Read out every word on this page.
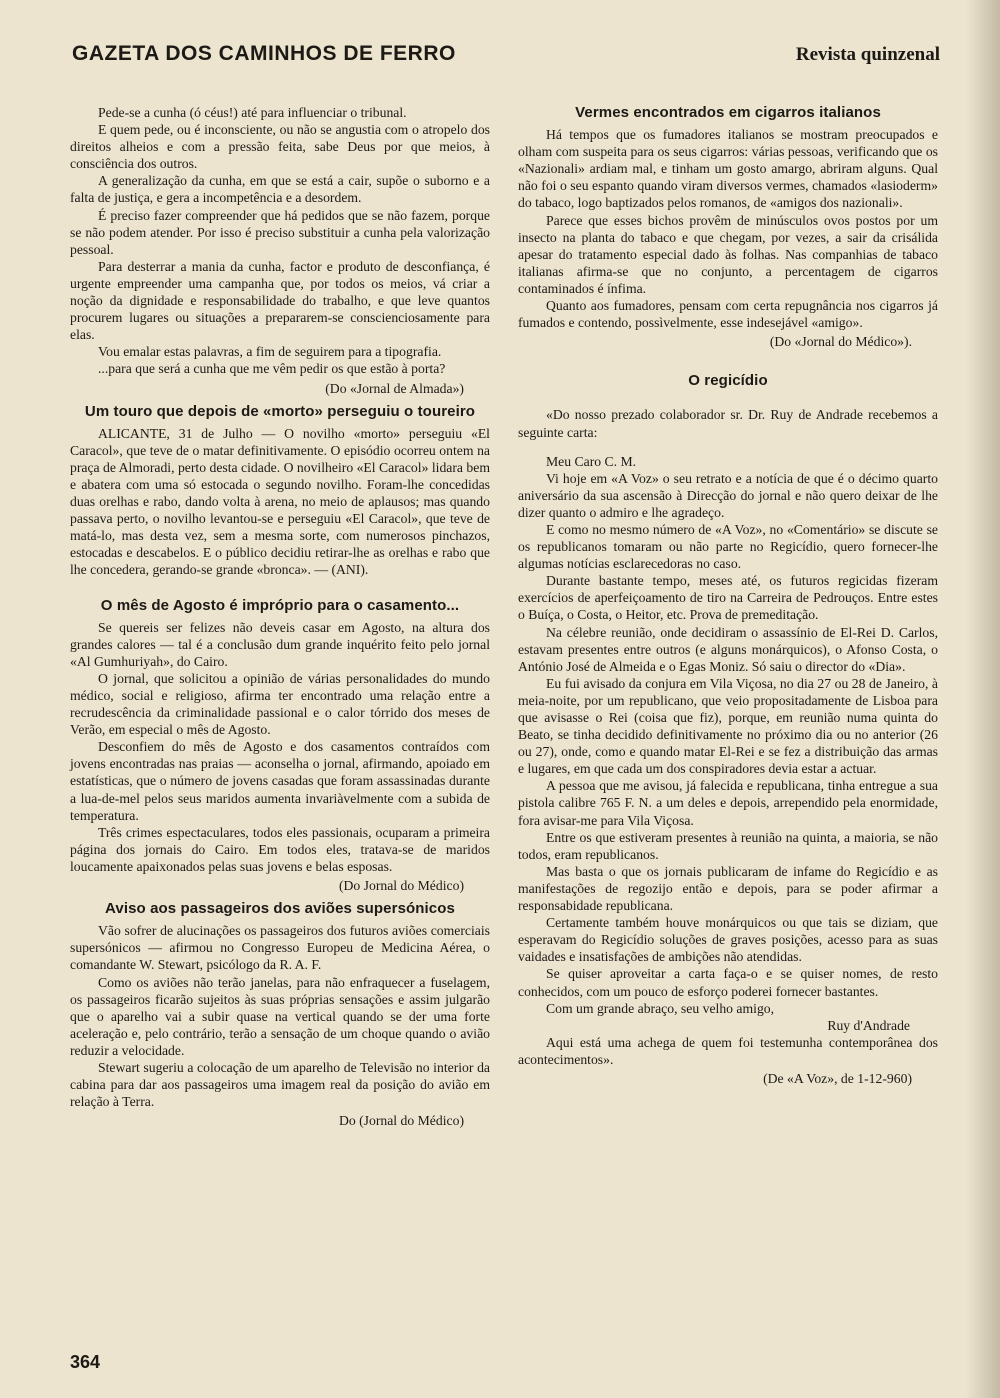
GAZETA DOS CAMINHOS DE FERRO	Revista quinzenal

Pede-se a cunha (ó céus!) até para influenciar o tribunal.

E quem pede, ou é inconsciente, ou não se angustia com o atropelo dos direitos alheios e com a pressão feita, sabe Deus por que meios, à consciência dos outros.

A generalização da cunha, em que se está a cair, supõe o suborno e a falta de justiça, e gera a incompetência e a desordem.

É preciso fazer compreender que há pedidos que se não fazem, porque se não podem atender. Por isso é preciso substituir a cunha pela valorização pessoal.

Para desterrar a mania da cunha, factor e produto de desconfiança, é urgente empreender uma campanha que, por todos os meios, vá criar a noção da dignidade e responsabilidade do trabalho, e que leve quantos procurem lugares ou situações a prepararem-se conscienciosamente para elas.

Vou emalar estas palavras, a fim de seguirem para a tipografia.

...para que será a cunha que me vêm pedir os que estão à porta?

(Do «Jornal de Almada»)
Um touro que depois de «morto» perseguiu o toureiro

ALICANTE, 31 de Julho — O novilho «morto» perseguiu «El Caracol», que teve de o matar definitivamente. O episódio ocorreu ontem na praça de Almoradi, perto desta cidade. O novilheiro «El Caracol» lidara bem e abatera com uma só estocada o segundo novilho. Foram-lhe concedidas duas orelhas e rabo, dando volta à arena, no meio de aplausos; mas quando passava perto, o novilho levantou-se e perseguiu «El Caracol», que teve de matá-lo, mas desta vez, sem a mesma sorte, com numerosos pinchazos, estocadas e descabelos. E o público decidiu retirar-lhe as orelhas e rabo que lhe concedera, gerando-se grande «bronca». — (ANI).

O mês de Agosto é impróprio para o casamento...

Se quereis ser felizes não deveis casar em Agosto, na altura dos grandes calores — tal é a conclusão dum grande inquérito feito pelo jornal «Al Gumhuriyah», do Cairo.

O jornal, que solicitou a opinião de várias personalidades do mundo médico, social e religioso, afirma ter encontrado uma relação entre a recrudescência da criminalidade passional e o calor tórrido dos meses de Verão, em especial o mês de Agosto.

Desconfiem do mês de Agosto e dos casamentos contraídos com jovens encontradas nas praias — aconselha o jornal, afirmando, apoiado em estatísticas, que o número de jovens casadas que foram assassinadas durante a lua-de-mel pelos seus maridos aumenta invariàvelmente com a subida de temperatura.

Três crimes espectaculares, todos eles passionais, ocuparam a primeira página dos jornais do Cairo. Em todos eles, tratava-se de maridos loucamente apaixonados pelas suas jovens e belas esposas.

(Do Jornal do Médico)
Aviso aos passageiros dos aviões supersónicos

Vão sofrer de alucinações os passageiros dos futuros aviões comerciais supersónicos — afirmou no Congresso Europeu de Medicina Aérea, o comandante W. Stewart, psicólogo da R. A. F.

Como os aviões não terão janelas, para não enfraquecer a fuselagem, os passageiros ficarão sujeitos às suas próprias sensações e assim julgarão que o aparelho vai a subir quase na vertical quando se der uma forte aceleração e, pelo contrário, terão a sensação de um choque quando o avião reduzir a velocidade.

Stewart sugeriu a colocação de um aparelho de Televisão no interior da cabina para dar aos passageiros uma imagem real da posição do avião em relação à Terra.

Do (Jornal do Médico)
Vermes encontrados em cigarros italianos

Há tempos que os fumadores italianos se mostram preocupados e olham com suspeita para os seus cigarros: várias pessoas, verificando que os «Nazionali» ardiam mal, e tinham um gosto amargo, abriram alguns. Qual não foi o seu espanto quando viram diversos vermes, chamados «lasioderm» do tabaco, logo baptizados pelos romanos, de «amigos dos nazionali».

Parece que esses bichos provêm de minúsculos ovos postos por um insecto na planta do tabaco e que chegam, por vezes, a sair da crisálida apesar do tratamento especial dado às folhas. Nas companhias de tabaco italianas afirma-se que no conjunto, a percentagem de cigarros contaminados é ínfima.

Quanto aos fumadores, pensam com certa repugnância nos cigarros já fumados e contendo, possìvelmente, esse indesejável «amigo».

(Do «Jornal do Médico»).
O regicídio

«Do nosso prezado colaborador sr. Dr. Ruy de Andrade recebemos a seguinte carta:

Meu Caro C. M.

Vi hoje em «A Voz» o seu retrato e a notícia de que é o décimo quarto aniversário da sua ascensão à Direcção do jornal e não quero deixar de lhe dizer quanto o admiro e lhe agradeço.

E como no mesmo número de «A Voz», no «Comentário» se discute se os republicanos tomaram ou não parte no Regicídio, quero fornecer-lhe algumas notícias esclarecedoras no caso.

Durante bastante tempo, meses até, os futuros regicidas fizeram exercícios de aperfeiçoamento de tiro na Carreira de Pedrouços. Entre estes o Buíça, o Costa, o Heitor, etc. Prova de premeditação.

Na célebre reunião, onde decidiram o assassínio de El-Rei D. Carlos, estavam presentes entre outros (e alguns monárquicos), o Afonso Costa, o António José de Almeida e o Egas Moniz. Só saiu o director do «Dia».

Eu fui avisado da conjura em Vila Viçosa, no dia 27 ou 28 de Janeiro, à meia-noite, por um republicano, que veio propositadamente de Lisboa para que avisasse o Rei (coisa que fiz), porque, em reunião numa quinta do Beato, se tinha decidido definitivamente no próximo dia ou no anterior (26 ou 27), onde, como e quando matar El-Rei e se fez a distribuição das armas e lugares, em que cada um dos conspiradores devia estar a actuar.

A pessoa que me avisou, já falecida e republicana, tinha entregue a sua pistola calibre 765 F. N. a um deles e depois, arrependido pela enormidade, fora avisar-me para Vila Viçosa.

Entre os que estiveram presentes à reunião na quinta, a maioria, se não todos, eram republicanos.

Mas basta o que os jornais publicaram de infame do Regicídio e as manifestações de regozijo então e depois, para se poder afirmar a responsabidade republicana.

Certamente também houve monárquicos ou que tais se diziam, que esperavam do Regicídio soluções de graves posições, acesso para as suas vaidades e insatisfações de ambições não atendidas.

Se quiser aproveitar a carta faça-o e se quiser nomes, de resto conhecidos, com um pouco de esforço poderei fornecer bastantes.

Com um grande abraço, seu velho amigo,

Ruy d'Andrade

Aqui está uma achega de quem foi testemunha contemporânea dos acontecimentos».

(De «A Voz», de 1-12-960)
364
